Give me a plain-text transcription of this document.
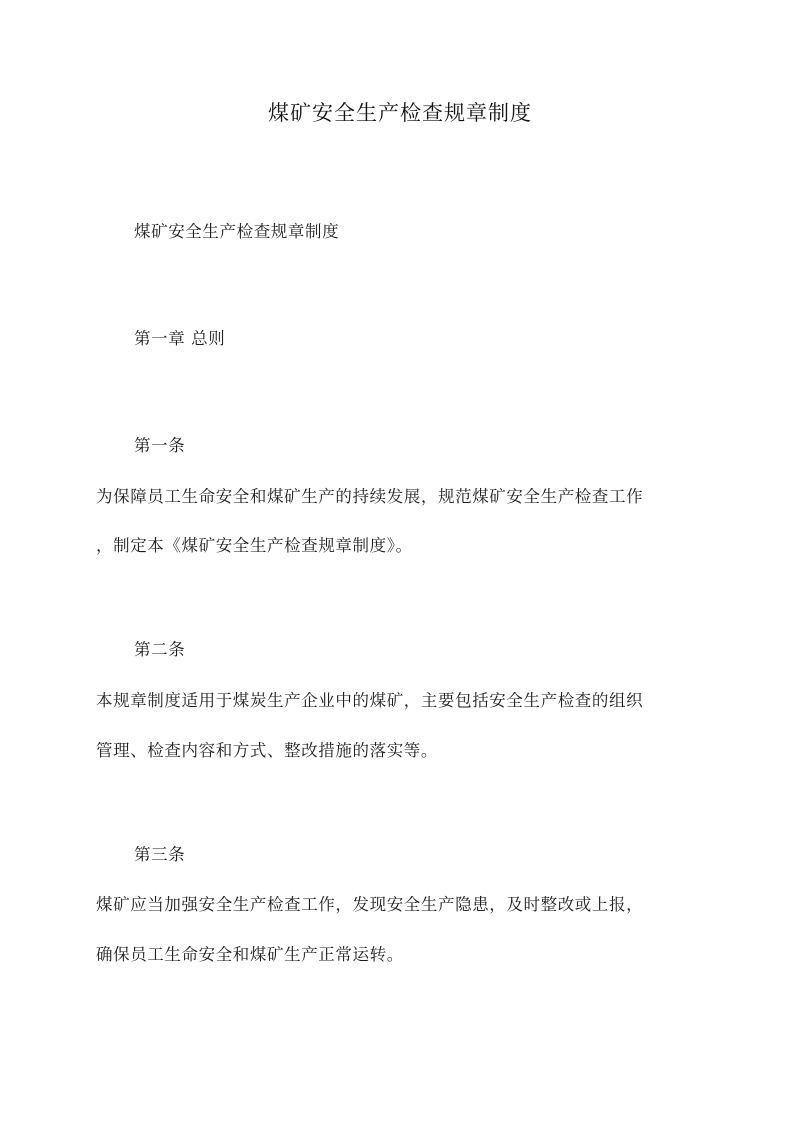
煤矿安全生产检查规章制度
煤矿安全生产检查规章制度
第一章 总则
第一条
为保障员工生命安全和煤矿生产的持续发展，规范煤矿安全生产检查工作
，制定本《煤矿安全生产检查规章制度》。
第二条
本规章制度适用于煤炭生产企业中的煤矿，主要包括安全生产检查的组织
管理、检查内容和方式、整改措施的落实等。
第三条
煤矿应当加强安全生产检查工作，发现安全生产隐患，及时整改或上报，
确保员工生命安全和煤矿生产正常运转。
